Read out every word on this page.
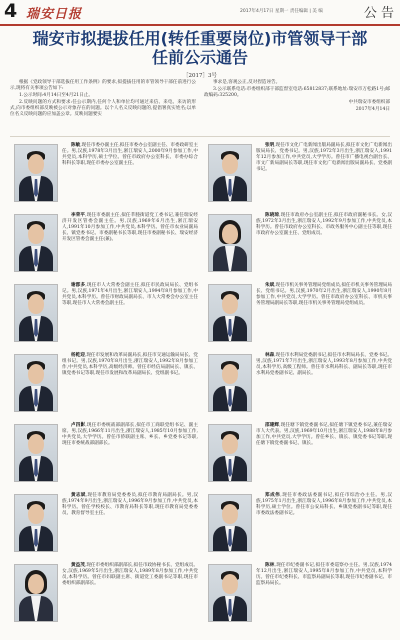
4 瑞安日报	2017年4月17日 星期一 责任编辑 | 美 编	公 告
瑞安市拟提拔任用(转任重要岗位)市管领导干部
任前公示通告
［2017］3号

根据《党政领导干部选拔任用工作条例》的要求,拟提拔任用的市管领导干部任前进行公示,现将有关事项公告如下:

1.公示时间:4月14日至4月21日止。

2.反映问题的方式和要求:任公示期内,任何个人和单位均可通过来信、来电、来访的形式,向市委组织部反映被公示对象存在的问题。以个人名义反映问题的,提倡署真实姓名;以单位名义反映问题的应加盖公章。反映问题要实

事求是,客观公正,反对捏造诬告。

3.公示联系电话:市委组织部干部监督室电话:65812837;联系地址:瑞安市万松路1号;邮政编码:325200。

中共瑞安市委组织部

2017年4月14日

陈敏,现任市委办副主任,拟任市委办公室副主任、市委政研室主任。男,汉族,1978年3月出生,浙江瑞安人,2000年9月参加工作,中共党员,本科学历,硕士学位。曾任市政府办公室科长、市委办综合科科长等职,现任市委办公室副主任。

李荣平,现任市委副主任,拟任莘塍街道党工委书记,兼任瑞安经济开发区管委会副主任。男,汉族,1969年6月出生,浙江瑞安人,1991年10月参加工作,中共党员,本科学历。曾任市农业局副局长、镇党委书记、市委副秘书长等职,现任市委副秘书长、瑞安经济开发区管委会副主任(兼)。

谢郡多,现任市人大常委会副主任,拟任市民政局局长、党组书记。男,汉族,1971年4月出生,浙江瑞安人,1994年8月参加工作,中共党员,本科学历。曾任市财政局副局长、市人大常委会办公室主任等职,现任市人大常委会副主任。

杨乾迎,现任市发展和改革局副局长,拟任市交通运输局局长、党组书记。男,汉族,1970年8月出生,浙江瑞安人,1992年8月参加工作,中共党员,本科学历,高级经济师。曾任市经信局副局长、镇长、镇党委书记等职,现任市发展和改革局副局长、党组副书记。

卢四影,现任市委统战部副部长,拟任市工商联党组书记、副主席。男,汉族,1966年11月出生,浙江瑞安人,1985年10月参加工作,中共党员,大学学历。曾任市侨联副主席、乡长、乡党委书记等职,现任市委统战部副部长。

黄志斌,现任市教育局党委委员,拟任市教育局副局长。男,汉族,1974年9月出生,浙江瑞安人,1996年9月参加工作,中共党员,本科学历。曾任学校校长、市教育局科长等职,现任市教育局党委委员、教育督导室主任。

黄益茂,现任市委组织部副部长,拟任市政协秘书长、党组成员。女,汉族,1969年5月出生,浙江瑞安人,1989年8月参加工作,中共党员,本科学历。曾任市妇联副主席、街道党工委副书记等职,现任市委组织部副部长。

张明,现任市文化广电新闻出版局副局长,拟任市文化广电新闻出版局局长、党委书记。男,汉族,1972年3月出生,浙江瑞安人,1991年12月参加工作,中共党员,大学学历。曾任市广播电视台副台长、市文广新局副局长等职,现任市文化广电新闻出版局副局长、党委副书记。

陈晓琼,现任市政府办公室副主任,拟任市政府副秘书长。女,汉族,1972年3月出生,浙江瑞安人,1992年9月参加工作,中共党员,本科学历。曾任市政府办公室科长、市政务服务中心副主任等职,现任市政府办公室副主任、党组成员。

朱斌,现任市机关事务管理局党组成员,拟任市机关事务管理局局长、党组书记。男,汉族,1970年2月出生,浙江瑞安人,1990年8月参加工作,中共党员,大学学历。曾任市政府办公室科长、市机关事务管理局副局长等职,现任市机关事务管理局党组成员。

林森,现任市水利局党委副书记,拟任市水利局局长、党委书记。男,汉族,1971年7月出生,浙江瑞安人,1993年8月参加工作,中共党员,本科学历,高级工程师。曾任市水利局科长、副局长等职,现任市水利局党委副书记、副局长。

邵建辉,现任塘下镇党委副书记,拟任塘下镇党委书记,兼任瑞安市人大代表。男,汉族,1969年10月出生,浙江瑞安人,1988年8月参加工作,中共党员,大学学历。曾任乡长、镇长、镇党委书记等职,现任塘下镇党委副书记、镇长。

郑成伟,现任市委政法委副书记,拟任市综治办主任。男,汉族,1975年1月出生,浙江瑞安人,1996年8月参加工作,中共党员,本科学历,硕士学位。曾任市公安局科长、乡镇党委副书记等职,现任市委政法委副书记。

陈林,现任市纪委副书记,拟任市委巡察办主任。男,汉族,1974年12月出生,浙江瑞安人,1995年8月参加工作,中共党员,本科学历。曾任市纪委科长、市监察局副局长等职,现任市纪委副书记、市监察局局长。
